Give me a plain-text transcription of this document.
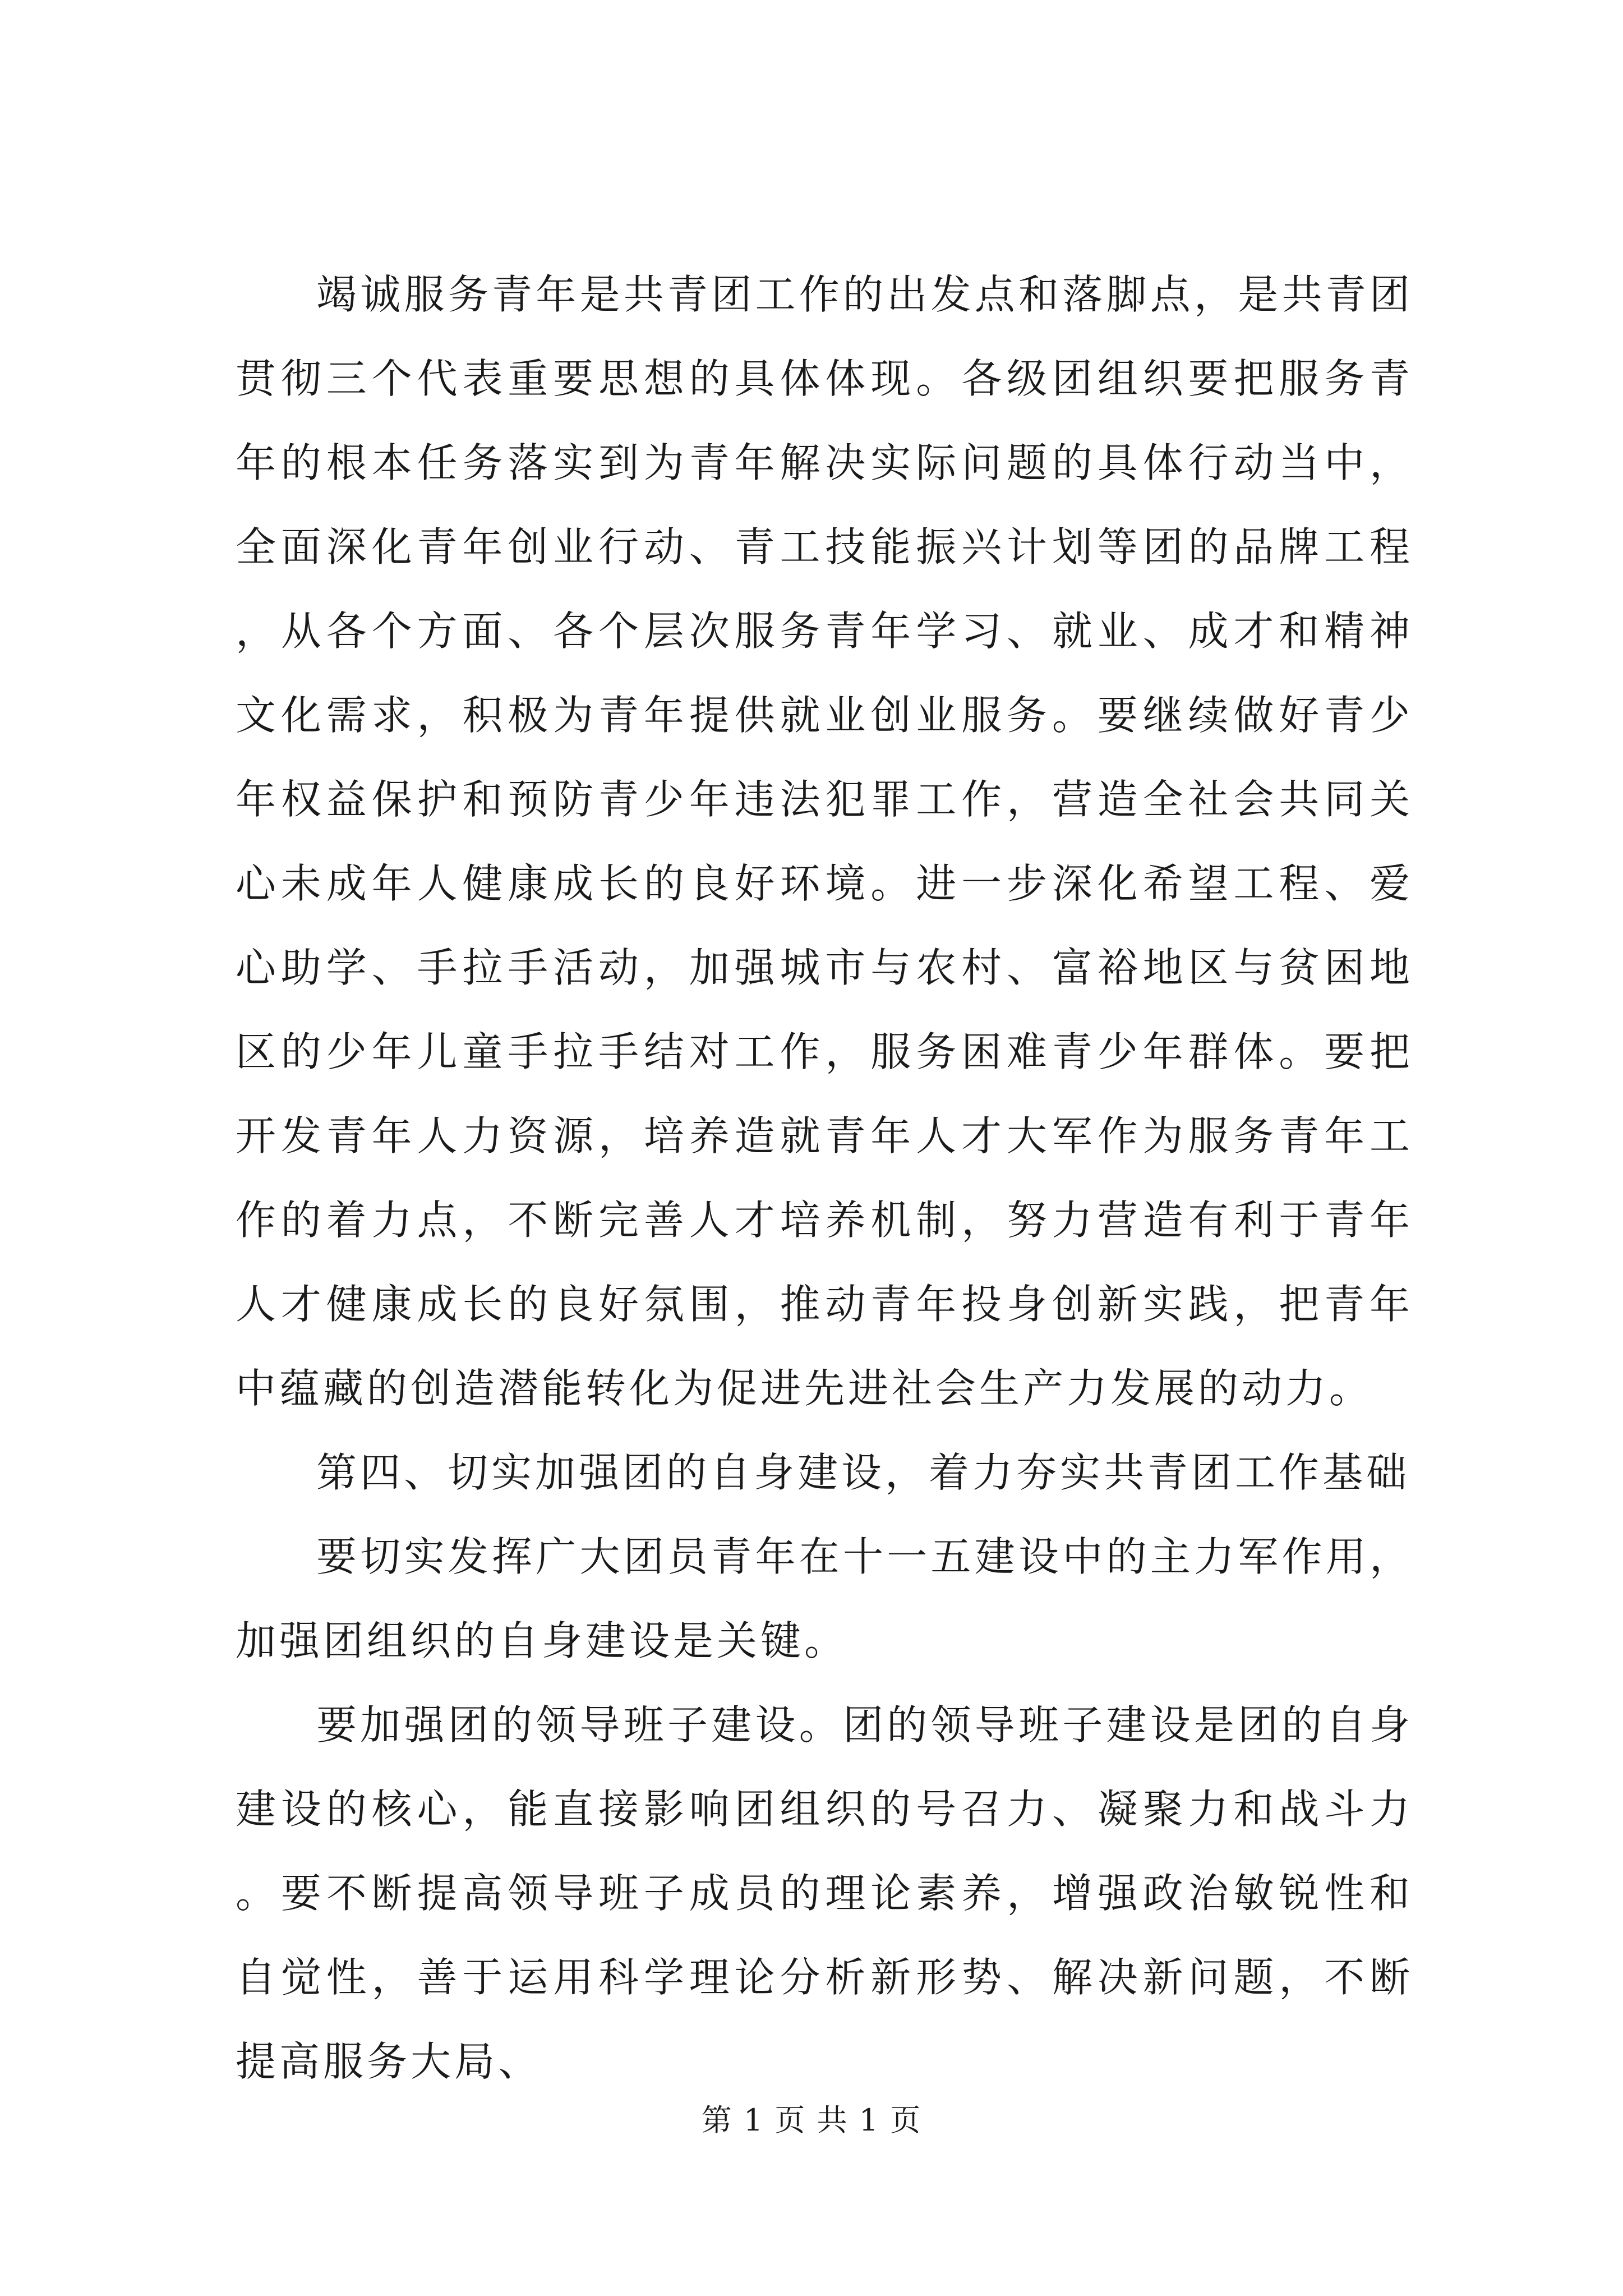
竭诚服务青年是共青团工作的出发点和落脚点，是共青团贯彻三个代表重要思想的具体体现。各级团组织要把服务青年的根本任务落实到为青年解决实际问题的具体行动当中，全面深化青年创业行动、青工技能振兴计划等团的品牌工程，从各个方面、各个层次服务青年学习、就业、成才和精神文化需求，积极为青年提供就业创业服务。要继续做好青少年权益保护和预防青少年违法犯罪工作，营造全社会共同关心未成年人健康成长的良好环境。进一步深化希望工程、爱心助学、手拉手活动，加强城市与农村、富裕地区与贫困地区的少年儿童手拉手结对工作，服务困难青少年群体。要把开发青年人力资源，培养造就青年人才大军作为服务青年工作的着力点，不断完善人才培养机制，努力营造有利于青年人才健康成长的良好氛围，推动青年投身创新实践，把青年中蕴藏的创造潜能转化为促进先进社会生产力发展的动力。

第四、切实加强团的自身建设，着力夯实共青团工作基础

要切实发挥广大团员青年在十一五建设中的主力军作用，加强团组织的自身建设是关键。

要加强团的领导班子建设。团的领导班子建设是团的自身建设的核心，能直接影响团组织的号召力、凝聚力和战斗力。要不断提高领导班子成员的理论素养，增强政治敏锐性和自觉性，善于运用科学理论分析新形势、解决新问题，不断提高服务大局、

第 1 页 共 1 页
